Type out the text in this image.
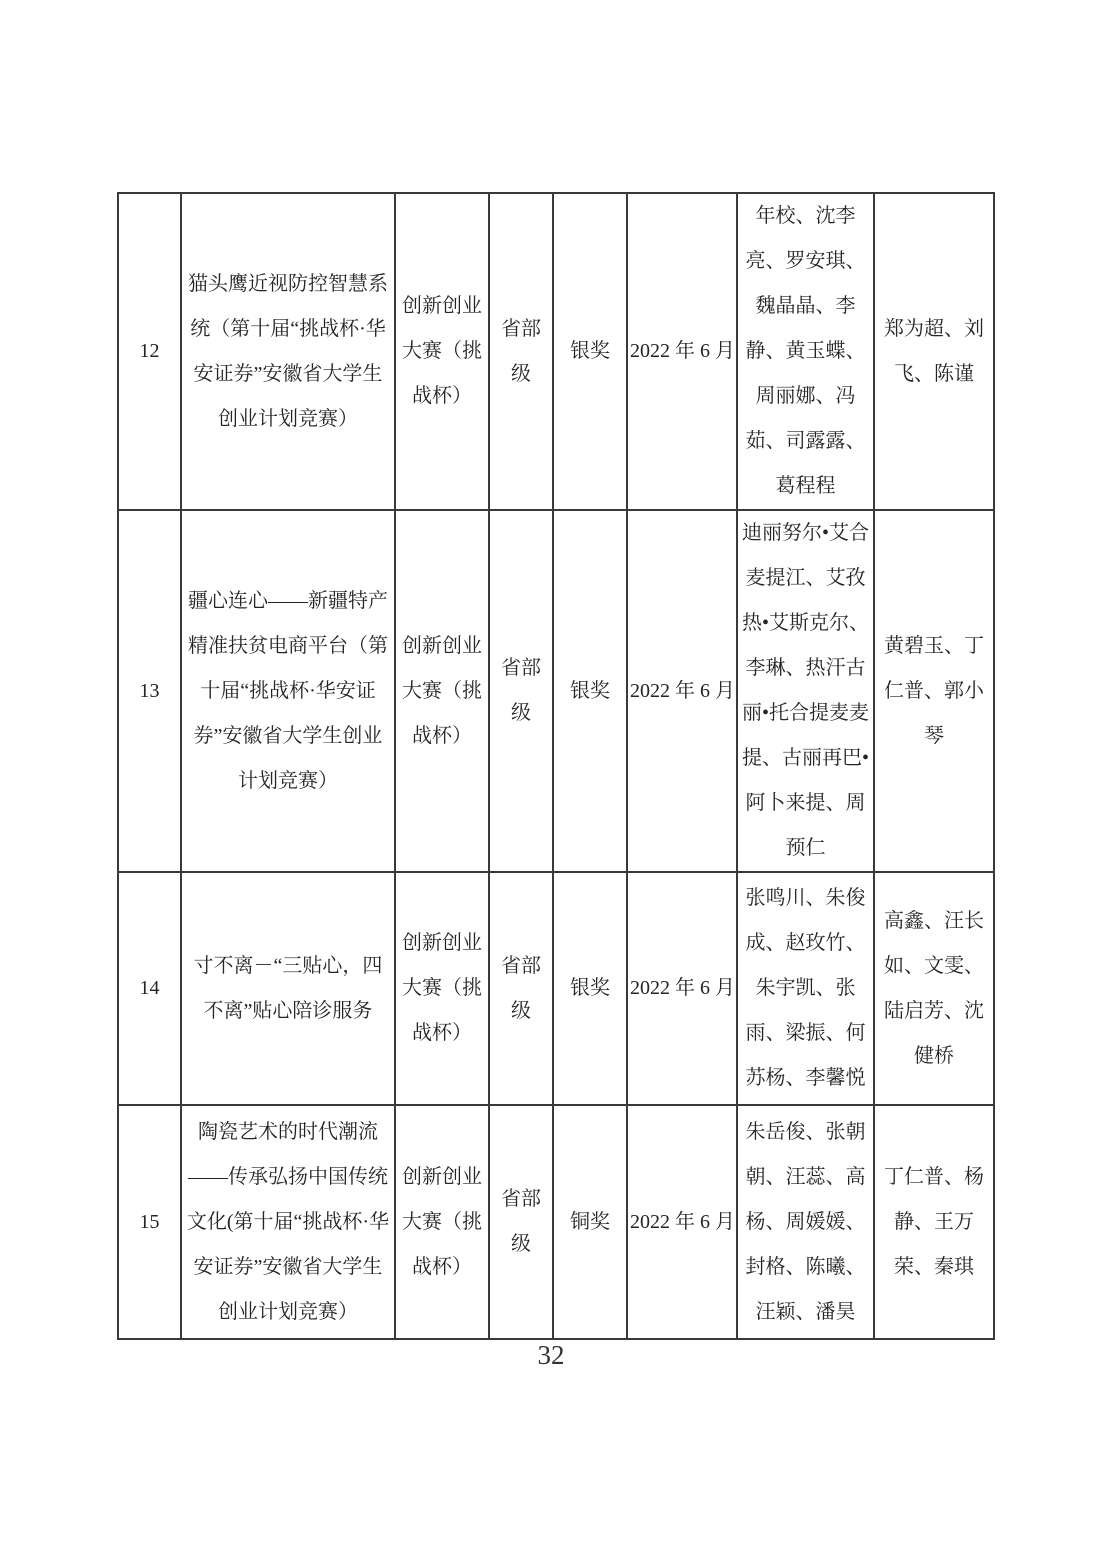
12	猫头鹰近视防控智慧系统（第十届“挑战杯·华安证券”安徽省大学生创业计划竞赛）	创新创业大赛（挑战杯）	省部级	银奖	2022 年 6 月	年校、沈李亮、罗安琪、魏晶晶、李静、黄玉蝶、周丽娜、冯茹、司露露、葛程程	郑为超、刘飞、陈谨
13	疆心连心——新疆特产精准扶贫电商平台（第十届“挑战杯·华安证券”安徽省大学生创业计划竞赛）	创新创业大赛（挑战杯）	省部级	银奖	2022 年 6 月	迪丽努尔•艾合麦提江、艾孜热•艾斯克尔、李琳、热汗古丽•托合提麦麦提、古丽再巴•阿卜来提、周预仁	黄碧玉、丁仁普、郭小琴
14	寸不离－“三贴心，四不离”贴心陪诊服务	创新创业大赛（挑战杯）	省部级	银奖	2022 年 6 月	张鸣川、朱俊成、赵玫竹、朱宇凯、张雨、梁振、何苏杨、李馨悦	高鑫、汪长如、文雯、陆启芳、沈健桥
15	陶瓷艺术的时代潮流——传承弘扬中国传统文化(第十届“挑战杯·华安证券”安徽省大学生创业计划竞赛）	创新创业大赛（挑战杯）	省部级	铜奖	2022 年 6 月	朱岳俊、张朝朝、汪蕊、高杨、周媛媛、封格、陈曦、汪颖、潘昊	丁仁普、杨静、王万荣、秦琪
32
